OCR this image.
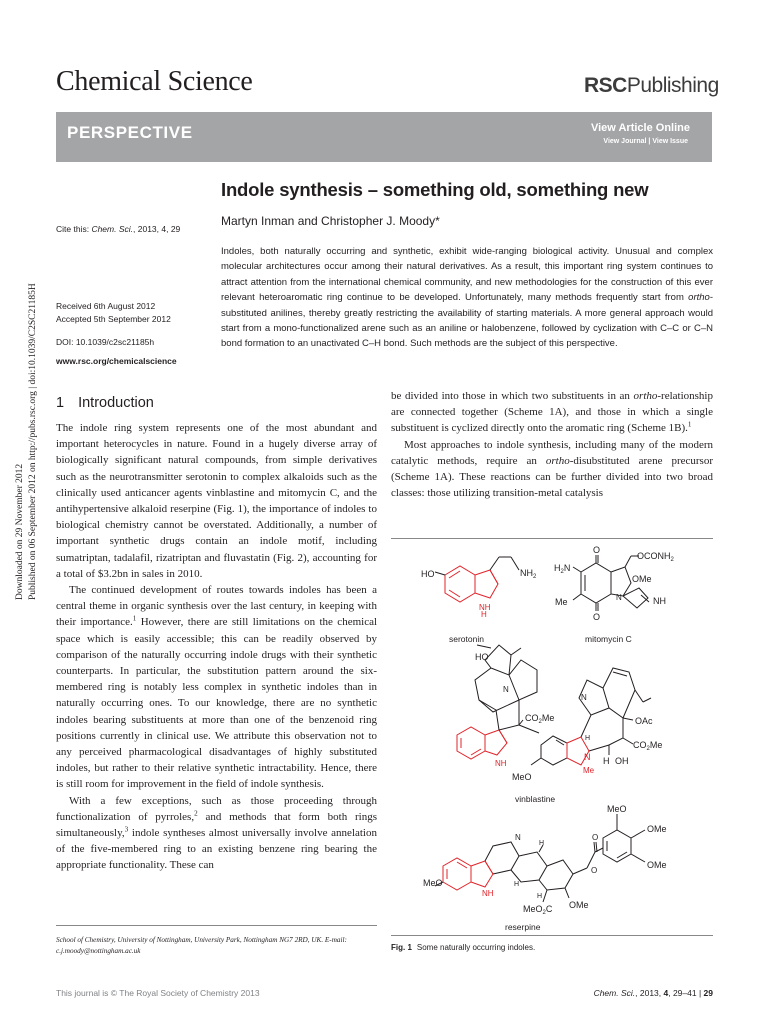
Chemical Science	RSCPublishing
PERSPECTIVE	View Article Online
View Journal | View Issue
Indole synthesis – something old, something new
Martyn Inman and Christopher J. Moody*
Cite this: Chem. Sci., 2013, 4, 29
Received 6th August 2012
Accepted 5th September 2012
DOI: 10.1039/c2sc21185h
www.rsc.org/chemicalscience
Indoles, both naturally occurring and synthetic, exhibit wide-ranging biological activity. Unusual and complex molecular architectures occur among their natural derivatives. As a result, this important ring system continues to attract attention from the international chemical community, and new methodologies for the construction of this ever relevant heteroaromatic ring continue to be developed. Unfortunately, many methods frequently start from ortho-substituted anilines, thereby greatly restricting the availability of starting materials. A more general approach would start from a mono-functionalized arene such as an aniline or halobenzene, followed by cyclization with C–C or C–N bond formation to an unactivated C–H bond. Such methods are the subject of this perspective.
Downloaded on 29 November 2012 Published on 06 September 2012 on http://pubs.rsc.org | doi:10.1039/C2SC21185H 1 Introduction

The indole ring system represents one of the most abundant and important heterocycles in nature. Found in a hugely diverse array of biologically significant natural compounds, from simple derivatives such as the neurotransmitter serotonin to complex alkaloids such as the clinically used anticancer agents vinblastine and mitomycin C, and the antihypertensive alkaloid reserpine (Fig. 1), the importance of indoles to biological chemistry cannot be overstated. Additionally, a number of important synthetic drugs contain an indole motif, including sumatriptan, tadalafil, rizatriptan and fluvastatin (Fig. 2), accounting for a total of $3.2bn in sales in 2010.

The continued development of routes towards indoles has been a central theme in organic synthesis over the last century, in keeping with their importance.$^1$ However, there are still limitations on the chemical space which is easily accessible; this can be readily observed by comparison of the naturally occurring indole drugs with their synthetic counterparts. In particular, the substitution pattern around the six-membered ring is notably less complex in synthetic indoles than in naturally occurring ones. To our knowledge, there are no synthetic indoles bearing substituents at more than one of the benzenoid ring positions currently in clinical use. We attribute this observation not to any perceived pharmacological disadvantages of highly substituted indoles, but rather to their relative synthetic intractability. Hence, there is still room for improvement in the field of indole synthesis.

With a few exceptions, such as those proceeding through functionalization of pyrroles,$^2$ and methods that form both rings simultaneously,$^3$ indole syntheses almost universally involve annelation of the five-membered ring to an existing benzene ring bearing the appropriate functionality. These can

School of Chemistry, University of Nottingham, University Park, Nottingham NG7 2RD, UK. E-mail: c.j.moody@nottingham.ac.uk

be divided into those in which two substituents in an ortho-relationship are connected together (Scheme 1A), and those in which a single substituent is cyclized directly onto the aromatic ring (Scheme 1B).$^1$

Most approaches to indole synthesis, including many of the modern catalytic methods, require an ortho-disubstituted arene precursor (Scheme 1A). These reactions can be further divided into two broad classes: those utilizing transition-metal catalysis

HO	$NH_2$
NH
H
serotonin
$H_2N$
O
O
$OCONH_2$
OMe
N	NH
Me
mitomycin C
HO
N
$CO_2Me$
NH
MeO
N
OAc
$CO_2Me$
H
N
Me
H OH
vinblastine
MeO
N
NH
H
H
H
MeO$_2$C OMe
O
O
MeO
OMe
OMe
reserpine
Fig. 1 Some naturally occurring indoles.
This journal is © The Royal Society of Chemistry 2013	Chem. Sci., 2013, 4, 29–41 | 29
